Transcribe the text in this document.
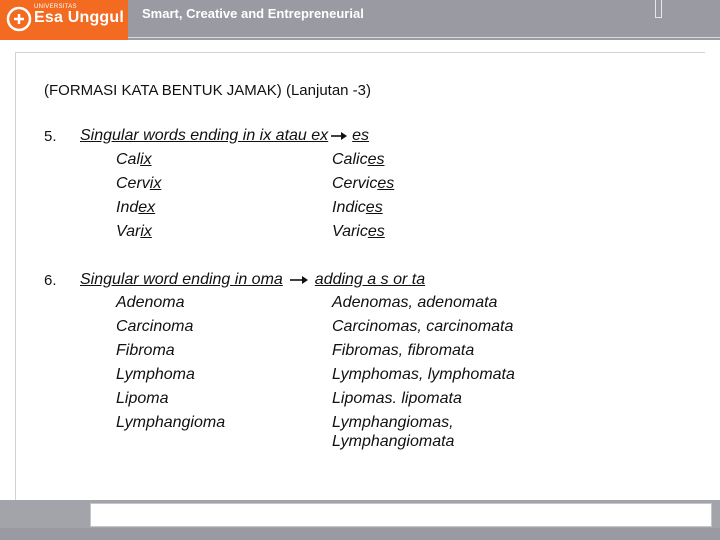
UNIVERSITAS
Esa Unggul Smart, Creative and Entrepreneurial
(FORMASI KATA BENTUK JAMAK) (Lanjutan -3)
5. Singular words ending in ix atau ex es
Calix	Calices
Cervix	Cervices
Index	Indices
Varix	Varices
6. Singular word ending in oma adding a s or ta
Adenoma	Adenomas, adenomata
Carcinoma	Carcinomas, carcinomata
Fibroma	Fibromas, fibromata
Lymphoma	Lymphomas, lymphomata
Lipoma	Lipomas. lipomata
Lymphangioma	Lymphangiomas,
Lymphangiomata
